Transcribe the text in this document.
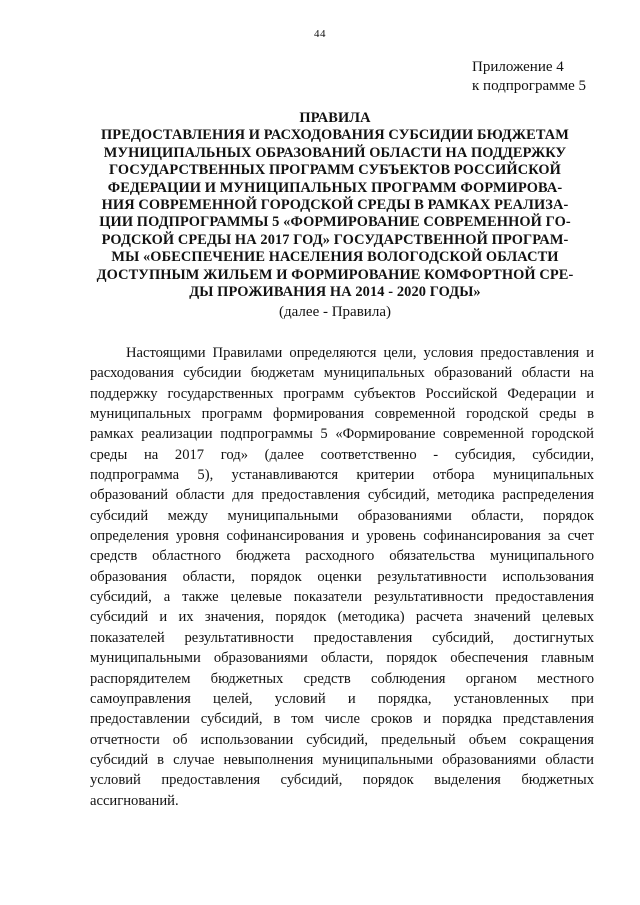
44
Приложение 4
к подпрограмме 5
ПРАВИЛА
ПРЕДОСТАВЛЕНИЯ И РАСХОДОВАНИЯ СУБСИДИИ БЮДЖЕТАМ
МУНИЦИПАЛЬНЫХ ОБРАЗОВАНИЙ ОБЛАСТИ НА ПОДДЕРЖКУ
ГОСУДАРСТВЕННЫХ ПРОГРАММ СУБЪЕКТОВ РОССИЙСКОЙ
ФЕДЕРАЦИИ И МУНИЦИПАЛЬНЫХ ПРОГРАММ ФОРМИРОВА-
НИЯ СОВРЕМЕННОЙ ГОРОДСКОЙ СРЕДЫ В РАМКАХ РЕАЛИЗА-
ЦИИ ПОДПРОГРАММЫ 5 «ФОРМИРОВАНИЕ СОВРЕМЕННОЙ ГО-
РОДСКОЙ СРЕДЫ НА 2017 ГОД» ГОСУДАРСТВЕННОЙ ПРОГРАМ-
МЫ «ОБЕСПЕЧЕНИЕ НАСЕЛЕНИЯ ВОЛОГОДСКОЙ ОБЛАСТИ
ДОСТУПНЫМ ЖИЛЬЕМ И ФОРМИРОВАНИЕ КОМФОРТНОЙ СРЕ-
ДЫ ПРОЖИВАНИЯ НА 2014 - 2020 ГОДЫ»
(далее - Правила)
Настоящими Правилами определяются цели, условия предоставления и
расходования субсидии бюджетам муниципальных образований области на
поддержку государственных программ субъектов Российской Федерации и
муниципальных программ формирования современной городской среды в
рамках реализации подпрограммы 5 «Формирование современной городской
среды на 2017 год» (далее соответственно - субсидия, субсидии,
подпрограмма 5), устанавливаются критерии отбора муниципальных
образований области для предоставления субсидий, методика распределения
субсидий между муниципальными образованиями области, порядок
определения уровня софинансирования и уровень софинансирования за счет
средств областного бюджета расходного обязательства муниципального
образования области, порядок оценки результативности использования
субсидий, а также целевые показатели результативности предоставления
субсидий и их значения, порядок (методика) расчета значений целевых
показателей результативности предоставления субсидий, достигнутых
муниципальными образованиями области, порядок обеспечения главным
распорядителем бюджетных средств соблюдения органом местного
самоуправления целей, условий и порядка, установленных при
предоставлении субсидий, в том числе сроков и порядка представления
отчетности об использовании субсидий, предельный объем сокращения
субсидий в случае невыполнения муниципальными образованиями области
условий предоставления субсидий, порядок выделения бюджетных
ассигнований.
